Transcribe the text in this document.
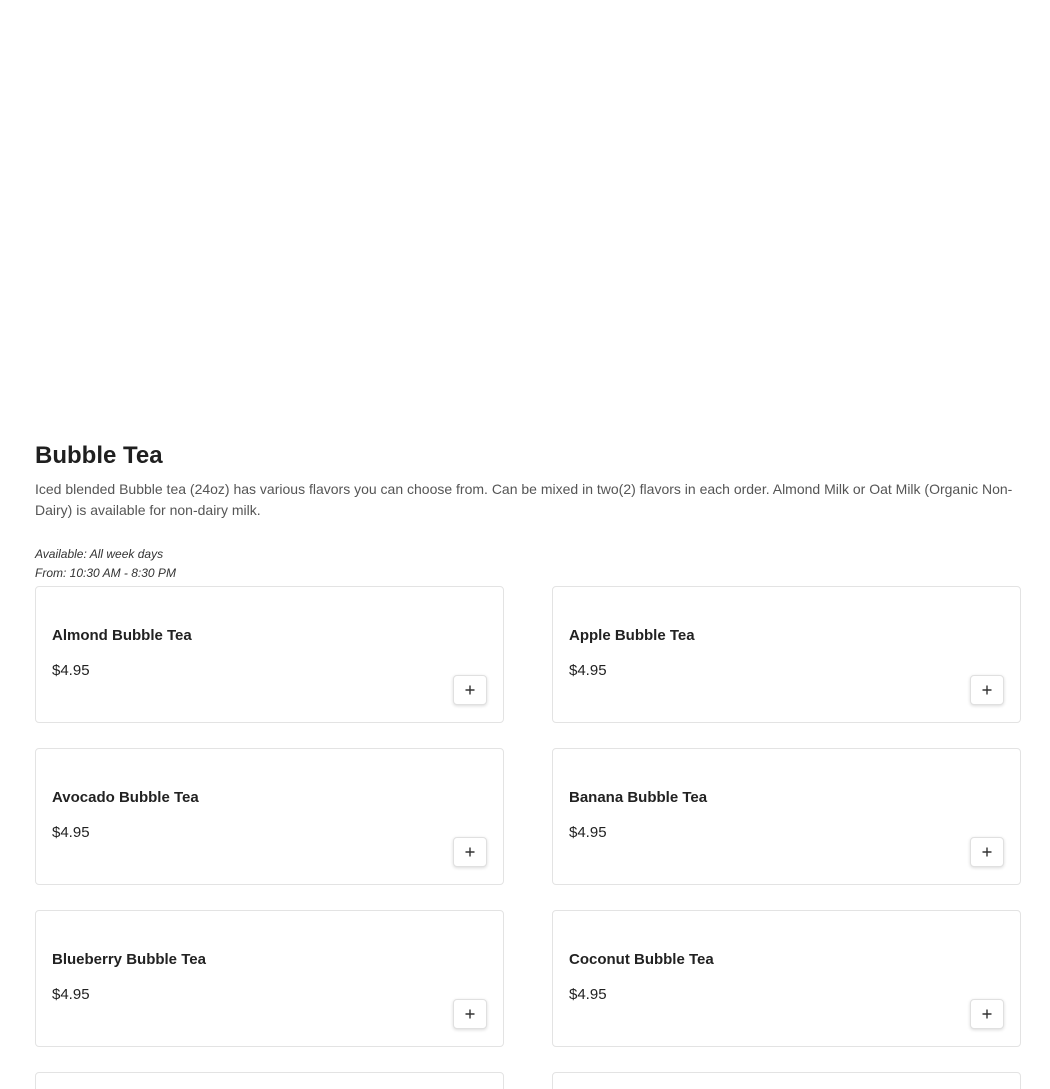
Bubble Tea

Iced blended Bubble tea (24oz) has various flavors you can choose from. Can be mixed in two(2) flavors in each order. Almond Milk or Oat Milk (Organic Non-Dairy) is available for non-dairy milk.

Available: All week days
From: 10:30 AM - 8:30 PM
Almond Bubble Tea
$4.95
Apple Bubble Tea
$4.95
Avocado Bubble Tea
$4.95
Banana Bubble Tea
$4.95
Blueberry Bubble Tea
$4.95
Coconut Bubble Tea
$4.95
